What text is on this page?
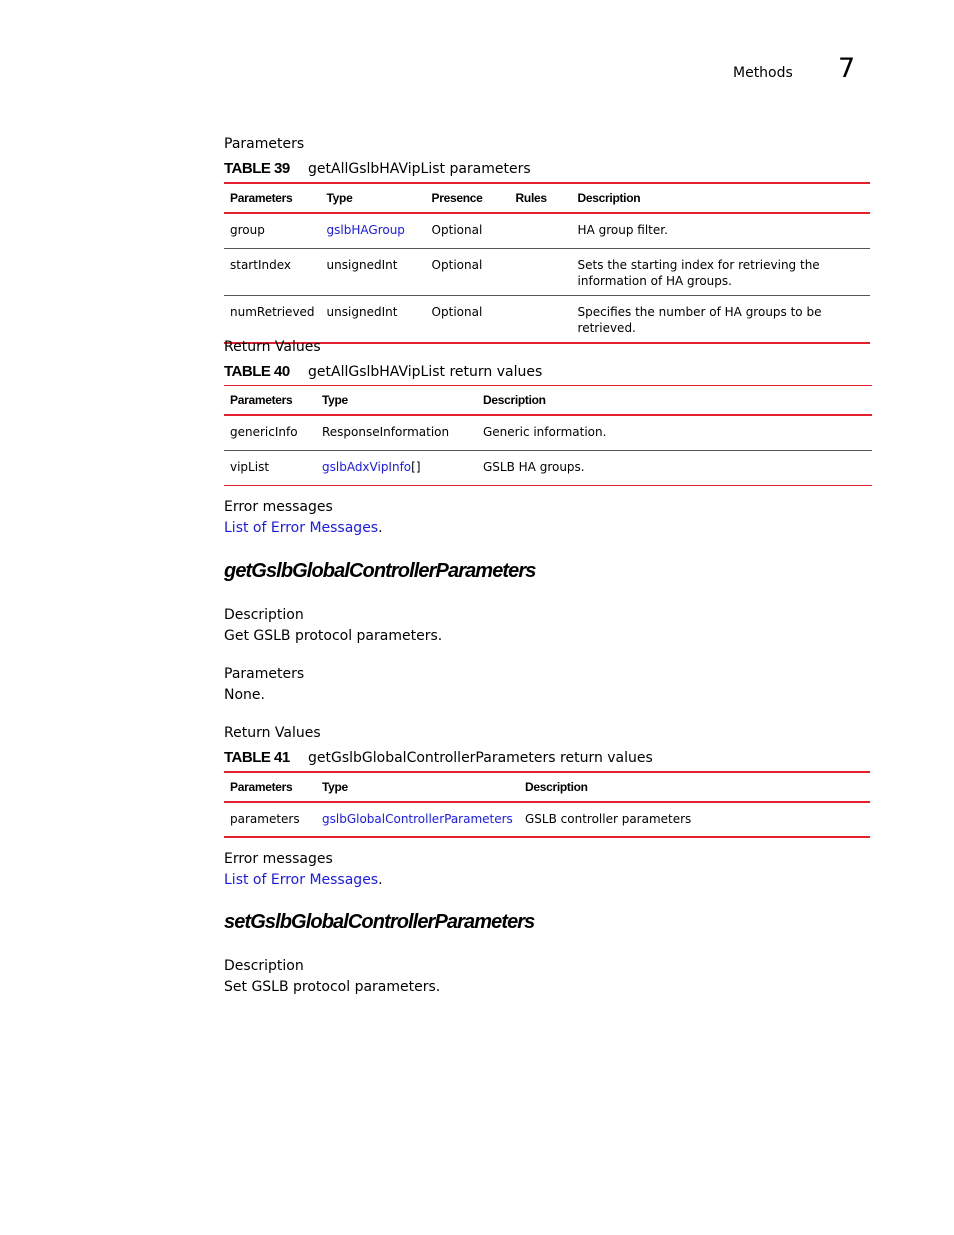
Methods 7
Parameters
TABLE 39 getAllGslbHAVipList parameters
Parameters	Type	Presence	Rules	Description
group	gslbHAGroup	Optional		HA group filter.
startIndex	unsignedInt	Optional		Sets the starting index for retrieving the information of HA groups.
numRetrieved	unsignedInt	Optional		Specifies the number of HA groups to be retrieved.
Return Values
TABLE 40 getAllGslbHAVipList return values
Parameters	Type	Description
genericInfo	ResponseInformation	Generic information.
vipList	gslbAdxVipInfo[]	GSLB HA groups.
Error messages
List of Error Messages.
getGslbGlobalControllerParameters
Description
Get GSLB protocol parameters.
Parameters
None.
Return Values
TABLE 41 getGslbGlobalControllerParameters return values
Parameters	Type	Description
parameters	gslbGlobalControllerParameters	GSLB controller parameters
Error messages
List of Error Messages.
setGslbGlobalControllerParameters
Description
Set GSLB protocol parameters.
